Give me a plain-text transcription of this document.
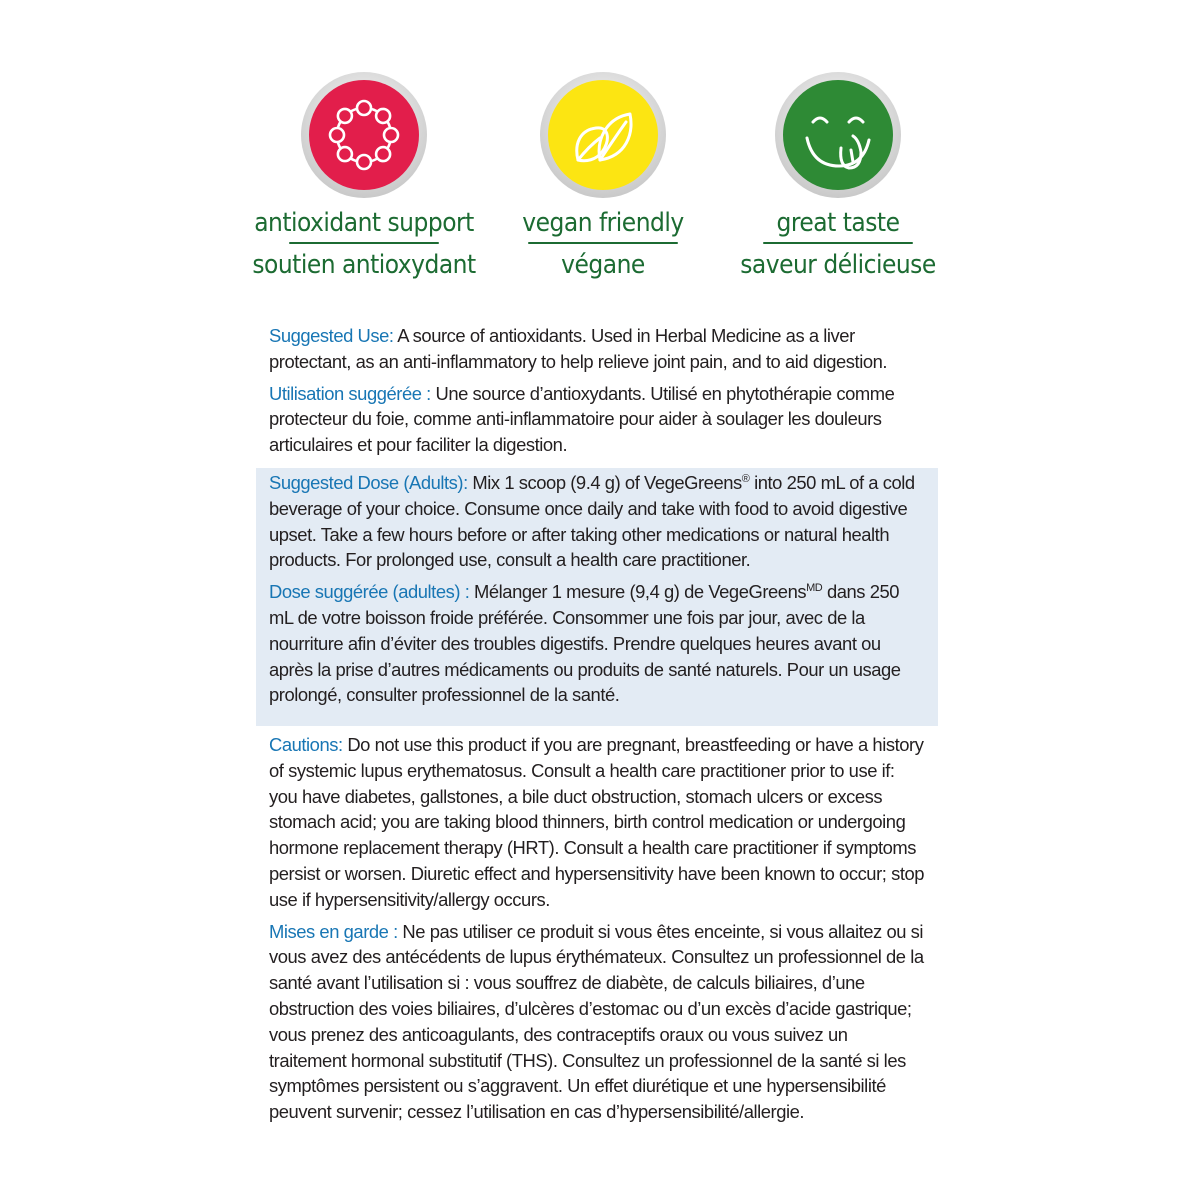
antioxidant support
soutien antioxydant
vegan friendly
végane
great taste
saveur délicieuse

Suggested Use: A source of antioxidants. Used in Herbal Medicine as a liver protectant, as an anti-inflammatory to help relieve joint pain, and to aid digestion.

Utilisation suggérée : Une source d’antioxydants. Utilisé en phytothérapie comme protecteur du foie, comme anti-inflammatoire pour aider à soulager les douleurs articulaires et pour faciliter la digestion.

Suggested Dose (Adults): Mix 1 scoop (9.4 g) of VegeGreens® into 250 mL of a cold beverage of your choice. Consume once daily and take with food to avoid digestive upset. Take a few hours before or after taking other medications or natural health products. For prolonged use, consult a health care practitioner.

Dose suggérée (adultes) : Mélanger 1 mesure (9,4 g) de VegeGreens$^{MD}$ dans 250 mL de votre boisson froide préférée. Consommer une fois par jour, avec de la nourriture afin d’éviter des troubles digestifs. Prendre quelques heures avant ou après la prise d’autres médicaments ou produits de santé naturels. Pour un usage prolongé, consulter professionnel de la santé.

Cautions: Do not use this product if you are pregnant, breastfeeding or have a history of systemic lupus erythematosus. Consult a health care practitioner prior to use if: you have diabetes, gallstones, a bile duct obstruction, stomach ulcers or excess stomach acid; you are taking blood thinners, birth control medication or undergoing hormone replacement therapy (HRT). Consult a health care practitioner if symptoms persist or worsen. Diuretic effect and hypersensitivity have been known to occur; stop use if hypersensitivity/allergy occurs.

Mises en garde : Ne pas utiliser ce produit si vous êtes enceinte, si vous allaitez ou si vous avez des antécédents de lupus érythémateux. Consultez un professionnel de la santé avant l’utilisation si : vous souffrez de diabète, de calculs biliaires, d’une obstruction des voies biliaires, d’ulcères d’estomac ou d’un excès d’acide gastrique; vous prenez des anticoagulants, des contraceptifs oraux ou vous suivez un traitement hormonal substitutif (THS). Consultez un professionnel de la santé si les symptômes persistent ou s’aggravent. Un effet diurétique et une hypersensibilité peuvent survenir; cessez l’utilisation en cas d’hypersensibilité/allergie.
